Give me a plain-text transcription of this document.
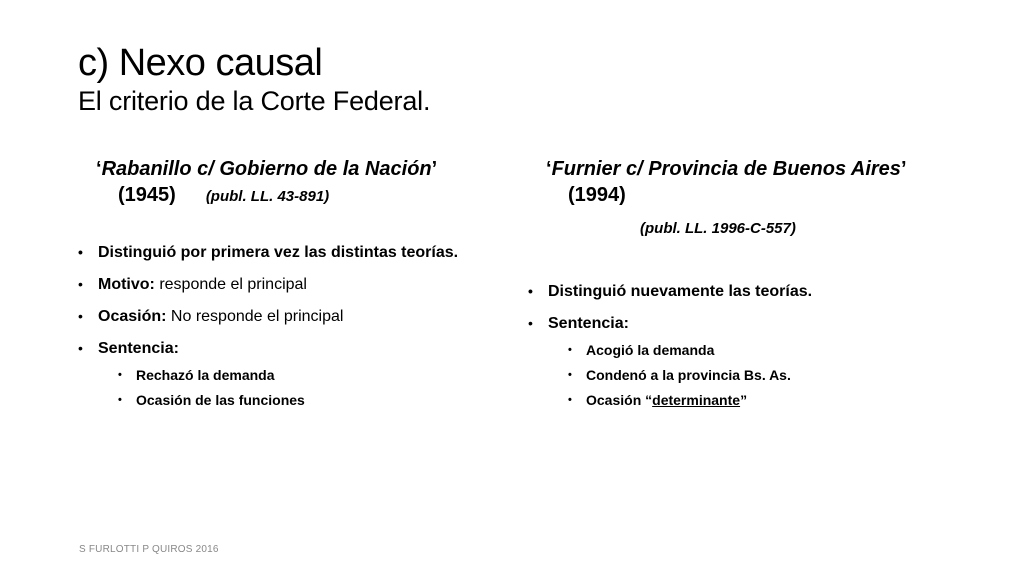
c) Nexo causal
El criterio de la Corte Federal.

‘Rabanillo c/ Gobierno de la Nación’ (1945) (publ. LL. 43-891)

• Distinguió por primera vez las distintas teorías.
• Motivo: responde el principal
• Ocasión: No responde el principal
• Sentencia:
• Rechazó la demanda
• Ocasión de las funciones

‘Furnier c/ Provincia de Buenos Aires’ (1994)

(publ. LL. 1996-C-557)
• Distinguió nuevamente las teorías.
• Sentencia:
• Acogió la demanda
• Condenó a la provincia Bs. As.
• Ocasión “determinante”
S FURLOTTI P QUIROS 2016
